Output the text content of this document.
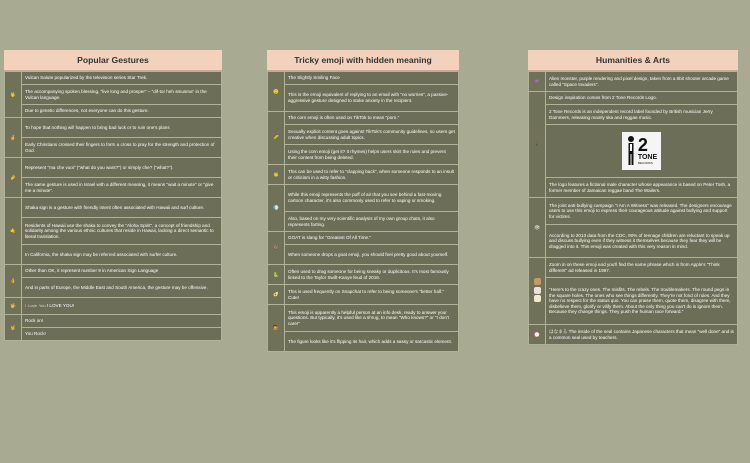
Popular Gestures
🖖	Vulcan Salute popularized by the television series Star Trek.
	The accompanying spoken blessing, "live long and prosper" – "dif-tor heh smusma" in the Vulcan language.
	Due to genetic differences, not everyone can do this gesture.
🤞	To hope that nothing will happen to bring bad luck or to ruin one's plans
	Early Christians crossed their fingers to form a cross to pray for the strength and protection of God.
🤌	Represent "ma che vuoi" ("what do you want?") or simply che? ("what?").
	The same gesture is used in Israel with a different meaning, it means "wait a minute" or "give me a minute".
🤙	Shaka sign is a gesture with friendly intent often associated with Hawaii and surf culture.
	Residents of Hawaii use the shaka to convey the "Aloha Spirit", a concept of friendship and solidarity among the various ethnic cultures that reside in Hawaii, lacking a direct semantic to literal translation.
	In California, the shaka sign may be referred associated with surfer culture.
👌	Other than OK, it represent number 9 in American Sign Language
	And in parts of Europe, the Middle East and South America, the gesture may be offensive.
🤟	I Love You I LOVE YOU!
🤘	Rock on!
	You Rock!
Tricky emoji with hidden meaning
🙂	The Slightly Smiling Face
	This is the emoji equivalent of replying to an email with "no worries", a passive-aggressive gesture designed to stoke anxiety in the recipient.
🌽	The corn emoji is often used on TikTok to mean "porn."
	Sexually explicit content goes against TikTok's community guidelines, so users get creative when discussing adult topics.
	Using the corn emoji (get it? It rhymes) helps users skirt the rules and prevent their content from being deleted.
👏	This can be used to refer to "clapping back", when someone responds to an insult or criticism in a witty fashion.
💨	While this emoji represents the puff of air that you see behind a fast-moving cartoon character, it's also commonly used to refer to vaping or smoking.
	Also, based on my very scientific analysis of my own group chats, it also represents farting.
🐐	GOAT is slang for "Greatest Of All Time."
	When someone drops a goat emoji, you should feel pretty good about yourself.
🐍	Often used to drag someone for being sneaky or duplicitous. It's most famously linked to the Taylor Swift-Kanye feud of 2016.
🥑	This is used frequently on Snapchat to refer to being someone's "better half." Cute!
💁	This emoji is apparently a helpful person at an info desk, ready to answer your questions. But typically, it's used like a shrug, to mean "Who knows?" or "I don't care!"
	The figure looks like it's flipping its hair, which adds a sassy or sarcastic element.
Humanities & Arts
👾	Alien monster, purple rendering and pixel design, taken from a 8bit shooter arcade game called "Space Invaders".
🕴	Design inspiration comes from 2 Tone Records Logo.
	2 Tone Records is an independent record label founded by British musician Jerry Dammers, releasing mainly ska and reggae music.

	2
TONE
RECORDS

	The logo features a fictional male character whose appearance is based on Peter Tosh, a former member of Jamaican reggae band The Wailers.
👁	The joint anti-bullying campaign "I Am A Witness" was released. The designers encourage users to use this emoji to express their courageous attitude against bullying and support for victims.
	According to 2013 data from the CDC, 90% of teenage children are reluctant to speak up and discuss bullying even if they witness it themselves because they fear they will be dragged into it. This emoji was created with this very reason in mind.

	Zoom in on these emoji and you'll find the same phrase which is from Apple's "Think different" ad released in 1997.
	"Here's to the crazy ones. The misfits. The rebels. The troublemakers. The round pegs in the square holes. The ones who see things differently. They're not fond of rules. And they have no respect for the status quo. You can praise them, quote them, disagree with them, disbelieve them, glorify or vilify them. About the only thing you can't do is ignore them. Because they change things. They push the human race forward."
💮	はなまる The inside of the seal contains Japanese characters that mean "well done" and is a common seal used by teachers.
